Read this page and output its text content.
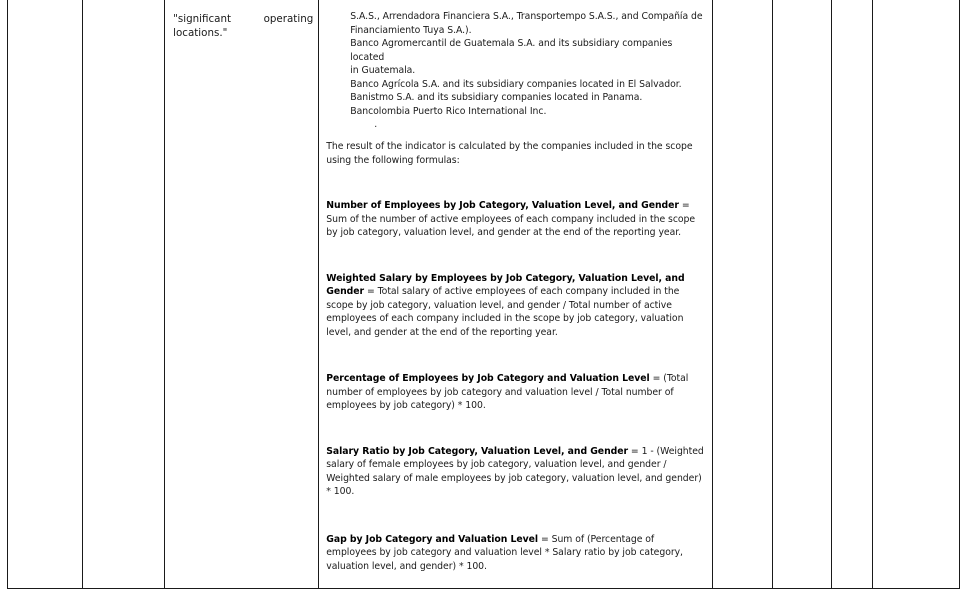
"significant operating
locations."

S.A.S., Arrendadora Financiera S.A., Transportempo S.A.S., and Compañía de
Financiamiento Tuya S.A.).
Banco Agromercantil de Guatemala S.A. and its subsidiary companies located
in Guatemala.
Banco Agrícola S.A. and its subsidiary companies located in El Salvador.
Banistmo S.A. and its subsidiary companies located in Panama.
Bancolombia Puerto Rico International Inc.
.
The result of the indicator is calculated by the companies included in the scope using the following formulas:

Number of Employees by Job Category, Valuation Level, and Gender = Sum of the number of active employees of each company included in the scope by job category, valuation level, and gender at the end of the reporting year.

Weighted Salary by Employees by Job Category, Valuation Level, and Gender = Total salary of active employees of each company included in the scope by job category, valuation level, and gender / Total number of active employees of each company included in the scope by job category, valuation level, and gender at the end of the reporting year.

Percentage of Employees by Job Category and Valuation Level = (Total number of employees by job category and valuation level / Total number of employees by job category) * 100.

Salary Ratio by Job Category, Valuation Level, and Gender = 1 - (Weighted salary of female employees by job category, valuation level, and gender / Weighted salary of male employees by job category, valuation level, and gender) * 100.

Gap by Job Category and Valuation Level = Sum of (Percentage of employees by job category and valuation level * Salary ratio by job category, valuation level, and gender) * 100.
